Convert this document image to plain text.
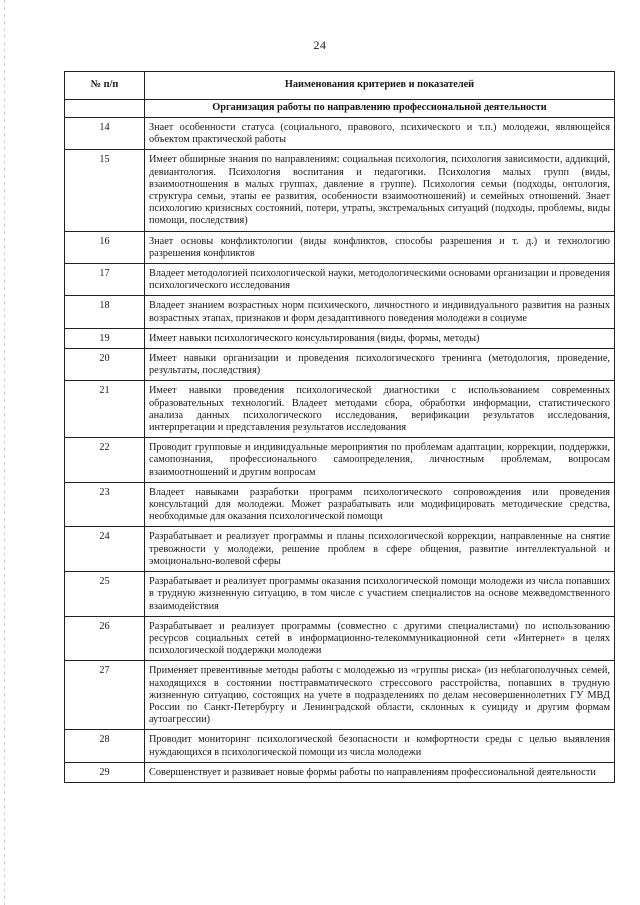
24
№ п/п	Наименования критериев и показателей
	Организация работы по направлению профессиональной деятельности
14	Знает особенности статуса (социального, правового, психического и т.п.) молодежи, являющейся объектом практической работы
15	Имеет обширные знания по направлениям: социальная психология, психология зависимости, аддикций, девиантология. Психология воспитания и педагогики. Психология малых групп (виды, взаимоотношения в малых группах, давление в группе). Психология семьи (подходы, онтология, структура семьи, этапы ее развития, особенности взаимоотношений) и семейных отношений. Знает психологию кризисных состояний, потери, утраты, экстремальных ситуаций (подходы, проблемы, виды помощи, последствия)
16	Знает основы конфликтологии (виды конфликтов, способы разрешения и т. д.) и технологию разрешения конфликтов
17	Владеет методологией психологической науки, методологическими основами организации и проведения психологического исследования
18	Владеет знанием возрастных норм психического, личностного и индивидуального развития на разных возрастных этапах, признаков и форм дезадаптивного поведения молодежи в социуме
19	Имеет навыки психологического консультирования (виды, формы, методы)
20	Имеет навыки организации и проведения психологического тренинга (методология, проведение, результаты, последствия)
21	Имеет навыки проведения психологической диагностики с использованием современных образовательных технологий. Владеет методами сбора, обработки информации, статистического анализа данных психологического исследования, верификации результатов исследования, интерпретации и представления результатов исследования
22	Проводит групповые и индивидуальные мероприятия по проблемам адаптации, коррекции, поддержки, самопознания, профессионального самоопределения, личностным проблемам, вопросам взаимоотношений и другим вопросам
23	Владеет навыками разработки программ психологического сопровождения или проведения консультаций для молодежи. Может разрабатывать или модифицировать методические средства, необходимые для оказания психологической помощи
24	Разрабатывает и реализует программы и планы психологической коррекции, направленные на снятие тревожности у молодежи, решение проблем в сфере общения, развитие интеллектуальной и эмоционально-волевой сферы
25	Разрабатывает и реализует программы оказания психологической помощи молодежи из числа попавших в трудную жизненную ситуацию, в том числе с участием специалистов на основе межведомственного взаимодействия
26	Разрабатывает и реализует программы (совместно с другими специалистами) по использованию ресурсов социальных сетей в информационно-телекоммуникационной сети «Интернет» в целях психологической поддержки молодежи
27	Применяет превентивные методы работы с молодежью из «группы риска» (из неблагополучных семей, находящихся в состоянии посттравматического стрессового расстройства, попавших в трудную жизненную ситуацию, состоящих на учете в подразделениях по делам несовершеннолетних ГУ МВД России по Санкт-Петербургу и Ленинградской области, склонных к суициду и другим формам аутоагрессии)
28	Проводит мониторинг психологической безопасности и комфортности среды с целью выявления нуждающихся в психологической помощи из числа молодежи
29	Совершенствует и развивает новые формы работы по направлениям профессиональной деятельности
